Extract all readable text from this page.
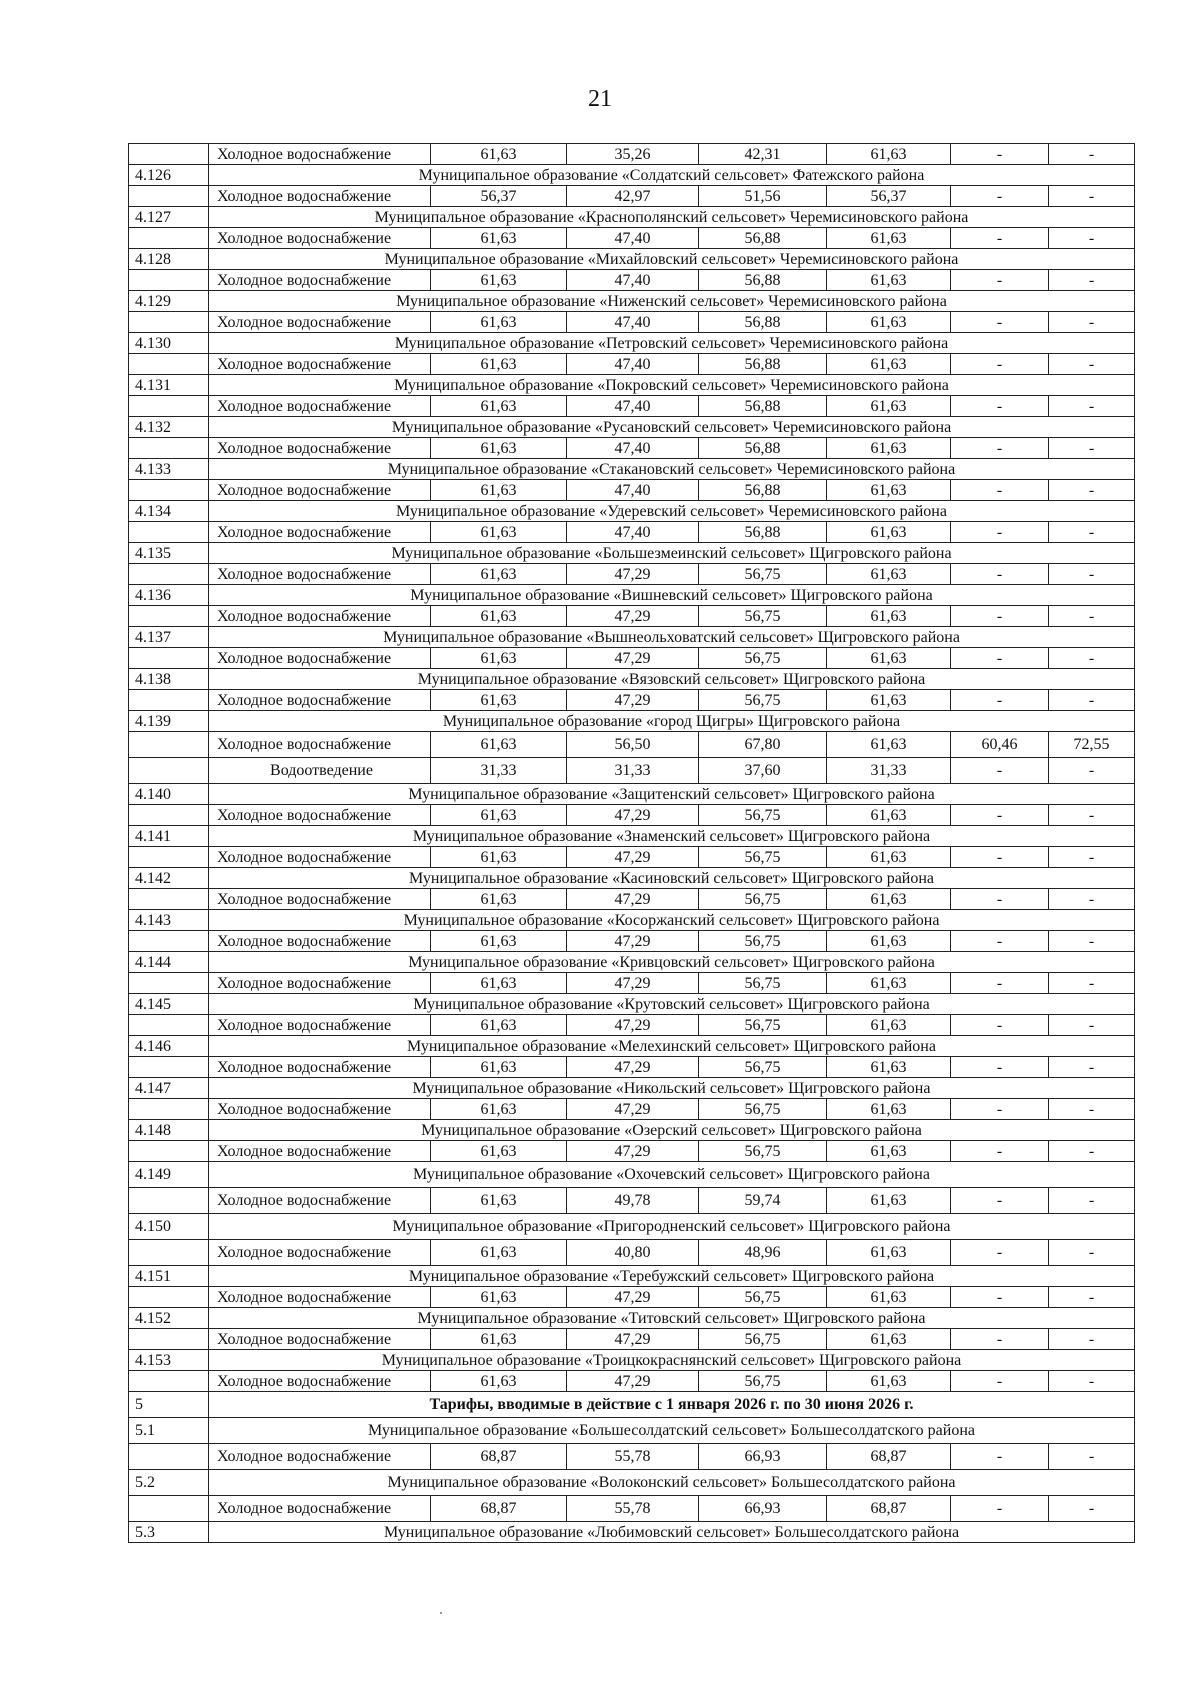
21
	Холодное водоснабжение	61,63	35,26	42,31	61,63	-	-
4.126	Муниципальное образование «Солдатский сельсовет» Фатежского района						
	Холодное водоснабжение	56,37	42,97	51,56	56,37	-	-
4.127	Муниципальное образование «Краснополянский сельсовет» Черемисиновского района						
	Холодное водоснабжение	61,63	47,40	56,88	61,63	-	-
4.128	Муниципальное образование «Михайловский сельсовет» Черемисиновского района						
	Холодное водоснабжение	61,63	47,40	56,88	61,63	-	-
4.129	Муниципальное образование «Ниженский сельсовет» Черемисиновского района						
	Холодное водоснабжение	61,63	47,40	56,88	61,63	-	-
4.130	Муниципальное образование «Петровский сельсовет» Черемисиновского района						
	Холодное водоснабжение	61,63	47,40	56,88	61,63	-	-
4.131	Муниципальное образование «Покровский сельсовет» Черемисиновского района						
	Холодное водоснабжение	61,63	47,40	56,88	61,63	-	-
4.132	Муниципальное образование «Русановский сельсовет» Черемисиновского района						
	Холодное водоснабжение	61,63	47,40	56,88	61,63	-	-
4.133	Муниципальное образование «Стакановский сельсовет» Черемисиновского района						
	Холодное водоснабжение	61,63	47,40	56,88	61,63	-	-
4.134	Муниципальное образование «Удеревский сельсовет» Черемисиновского района						
	Холодное водоснабжение	61,63	47,40	56,88	61,63	-	-
4.135	Муниципальное образование «Большезмеинский сельсовет» Щигровского района						
	Холодное водоснабжение	61,63	47,29	56,75	61,63	-	-
4.136	Муниципальное образование «Вишневский сельсовет» Щигровского района						
	Холодное водоснабжение	61,63	47,29	56,75	61,63	-	-
4.137	Муниципальное образование «Вышнеольховатский сельсовет» Щигровского района						
	Холодное водоснабжение	61,63	47,29	56,75	61,63	-	-
4.138	Муниципальное образование «Вязовский сельсовет» Щигровского района						
	Холодное водоснабжение	61,63	47,29	56,75	61,63	-	-
4.139	Муниципальное образование «город Щигры» Щигровского района						
	Холодное водоснабжение	61,63	56,50	67,80	61,63	60,46	72,55
	Водоотведение	31,33	31,33	37,60	31,33	-	-
4.140	Муниципальное образование «Защитенский сельсовет» Щигровского района						
	Холодное водоснабжение	61,63	47,29	56,75	61,63	-	-
4.141	Муниципальное образование «Знаменский сельсовет» Щигровского района						
	Холодное водоснабжение	61,63	47,29	56,75	61,63	-	-
4.142	Муниципальное образование «Касиновский сельсовет» Щигровского района						
	Холодное водоснабжение	61,63	47,29	56,75	61,63	-	-
4.143	Муниципальное образование «Косоржанский сельсовет» Щигровского района						
	Холодное водоснабжение	61,63	47,29	56,75	61,63	-	-
4.144	Муниципальное образование «Кривцовский сельсовет» Щигровского района						
	Холодное водоснабжение	61,63	47,29	56,75	61,63	-	-
4.145	Муниципальное образование «Крутовский сельсовет» Щигровского района						
	Холодное водоснабжение	61,63	47,29	56,75	61,63	-	-
4.146	Муниципальное образование «Мелехинский сельсовет» Щигровского района						
	Холодное водоснабжение	61,63	47,29	56,75	61,63	-	-
4.147	Муниципальное образование «Никольский сельсовет» Щигровского района						
	Холодное водоснабжение	61,63	47,29	56,75	61,63	-	-
4.148	Муниципальное образование «Озерский сельсовет» Щигровского района						
	Холодное водоснабжение	61,63	47,29	56,75	61,63	-	-
4.149	Муниципальное образование «Охочевский сельсовет» Щигровского района						
	Холодное водоснабжение	61,63	49,78	59,74	61,63	-	-
4.150	Муниципальное образование «Пригородненский сельсовет» Щигровского района						
	Холодное водоснабжение	61,63	40,80	48,96	61,63	-	-
4.151	Муниципальное образование «Теребужский сельсовет» Щигровского района						
	Холодное водоснабжение	61,63	47,29	56,75	61,63	-	-
4.152	Муниципальное образование «Титовский сельсовет» Щигровского района						
	Холодное водоснабжение	61,63	47,29	56,75	61,63	-	-
4.153	Муниципальное образование «Троицкокраснянский сельсовет» Щигровского района						
	Холодное водоснабжение	61,63	47,29	56,75	61,63	-	-
5	Тарифы, вводимые в действие с 1 января 2026 г. по 30 июня 2026 г.						
5.1	Муниципальное образование «Большесолдатский сельсовет» Большесолдатского района						
	Холодное водоснабжение	68,87	55,78	66,93	68,87	-	-
5.2	Муниципальное образование «Волоконский сельсовет» Большесолдатского района						
	Холодное водоснабжение	68,87	55,78	66,93	68,87	-	-
5.3	Муниципальное образование «Любимовский сельсовет» Большесолдатского района						
